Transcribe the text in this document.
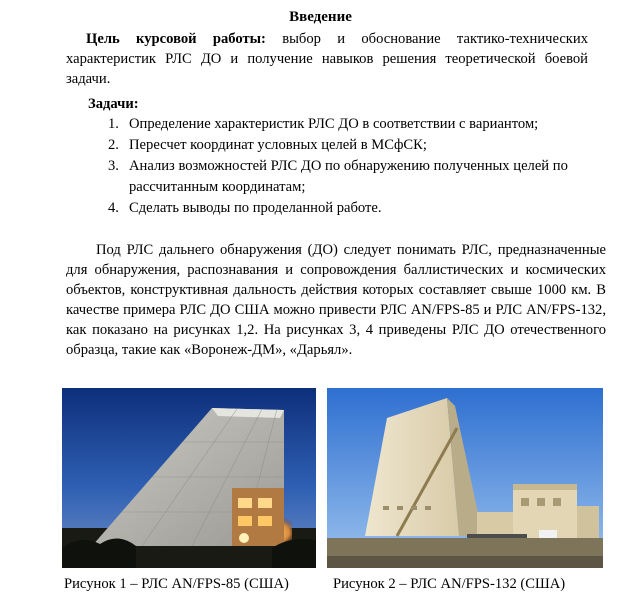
Введение
Цель курсовой работы: выбор и обоснование тактико-технических характеристик РЛС ДО и получение навыков решения теоретической боевой задачи.
Задачи:
1. Определение характеристик РЛС ДО в соответствии с вариантом;
2. Пересчет координат условных целей в МСфСК;
3. Анализ возможностей РЛС ДО по обнаружению полученных целей по рассчитанным координатам;
4. Сделать выводы по проделанной работе.
Под РЛС дальнего обнаружения (ДО) следует понимать РЛС, предназначенные для обнаружения, распознавания и сопровождения баллистических и космических объектов, конструктивная дальность действия которых составляет свыше 1000 км. В качестве примера РЛС ДО США можно привести РЛС AN/FPS-85 и РЛС AN/FPS-132, как показано на рисунках 1,2. На рисунках 3, 4 приведены РЛС ДО отечественного образца, такие как «Воронеж-ДМ», «Дарьял».
Рисунок 1 – РЛС AN/FPS-85 (США)	Рисунок 2 – РЛС AN/FPS-132 (США)
